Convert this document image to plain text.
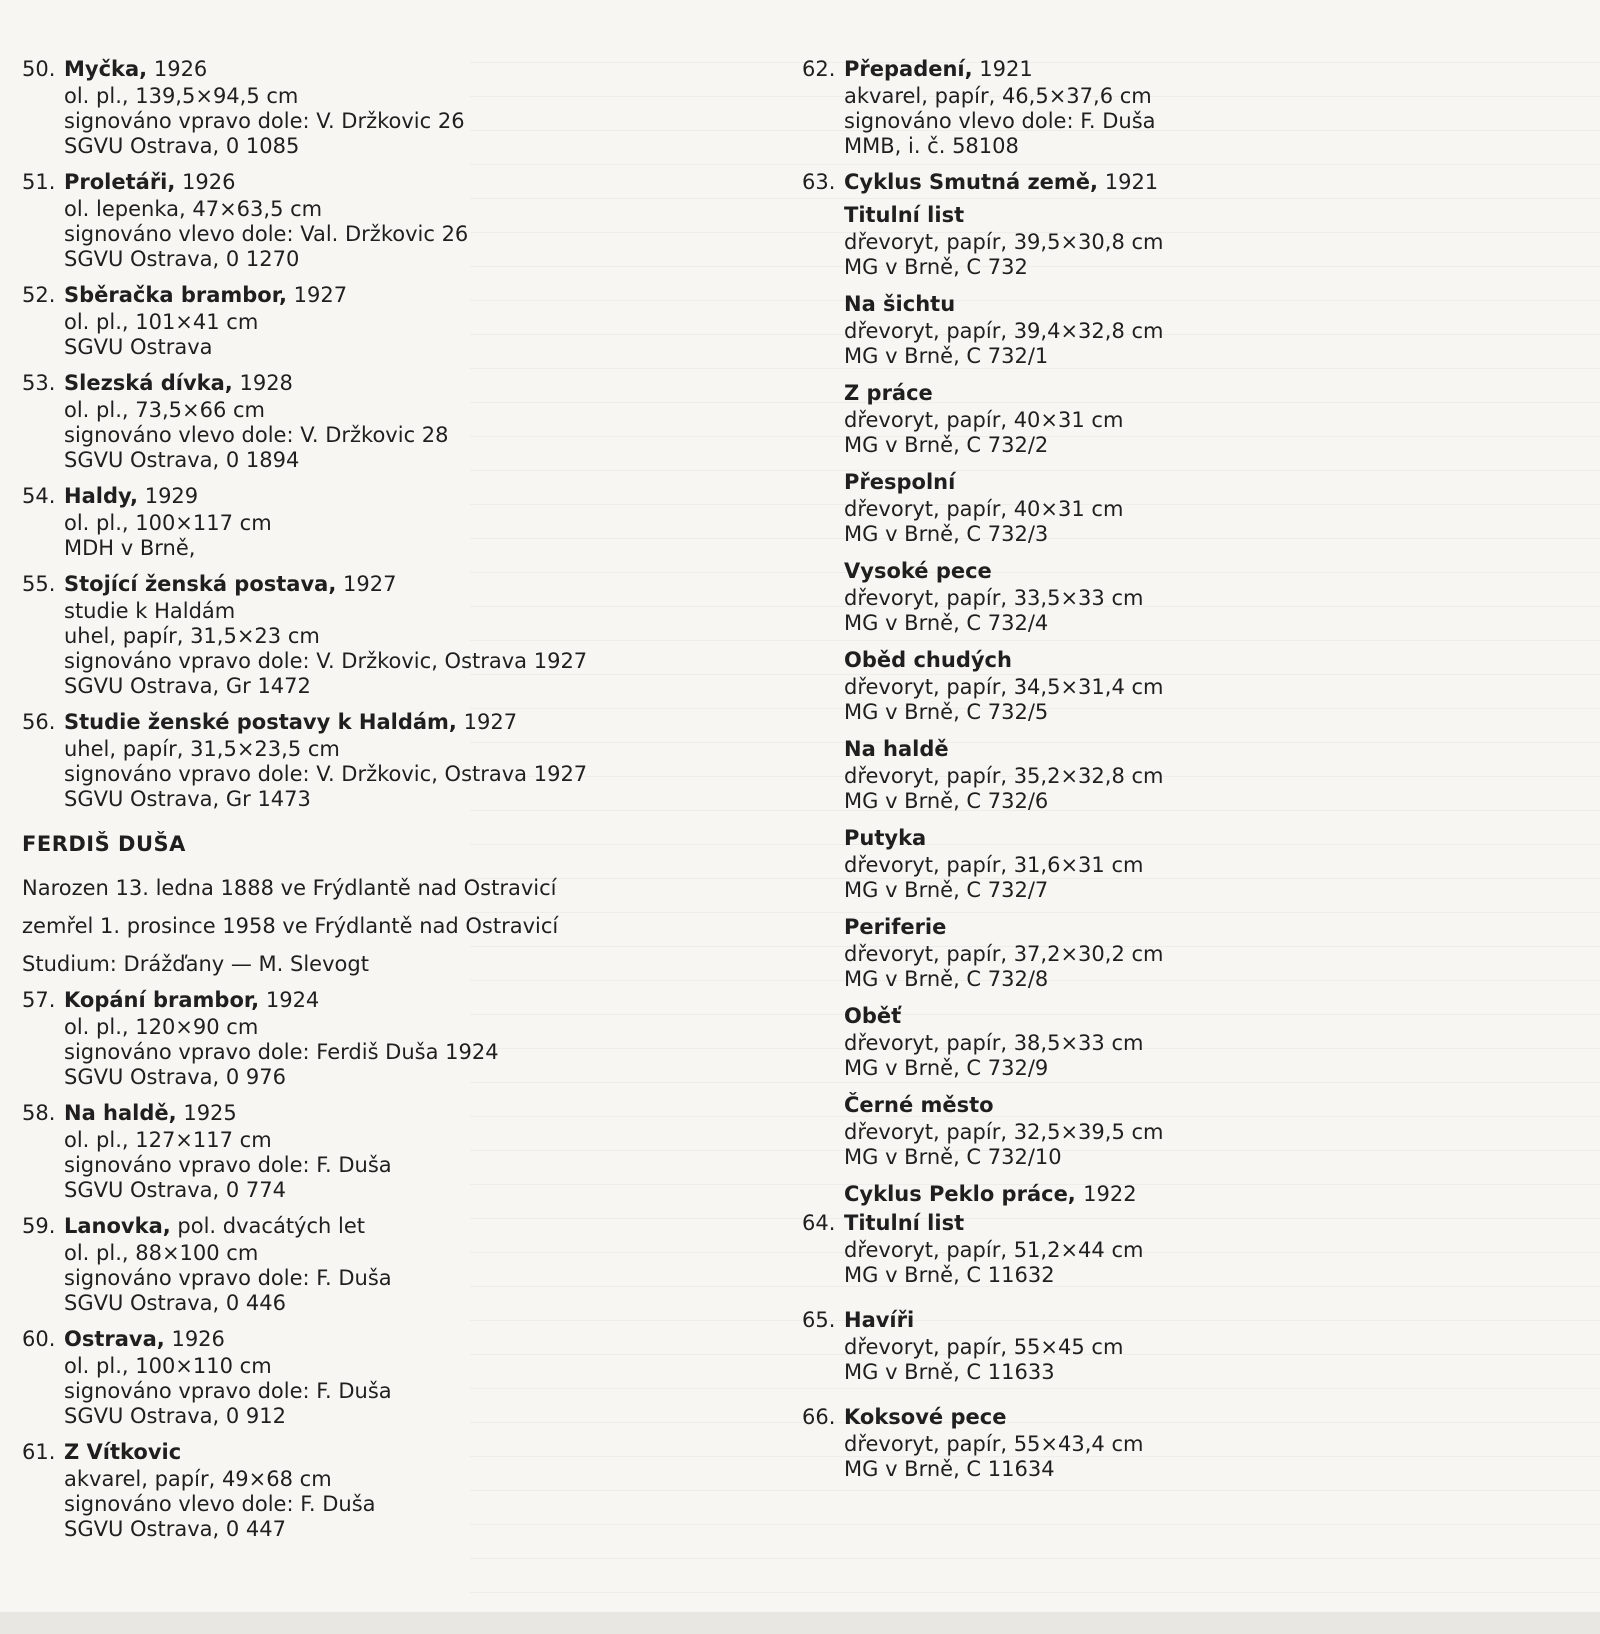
50. Myčka, 1926
ol. pl., 139,5×94,5 cm
signováno vpravo dole: V. Držkovic 26
SGVU Ostrava, 0 1085
51. Proletáři, 1926
ol. lepenka, 47×63,5 cm
signováno vlevo dole: Val. Držkovic 26
SGVU Ostrava, 0 1270
52. Sběračka brambor, 1927
ol. pl., 101×41 cm
SGVU Ostrava
53. Slezská dívka, 1928
ol. pl., 73,5×66 cm
signováno vlevo dole: V. Držkovic 28
SGVU Ostrava, 0 1894
54. Haldy, 1929
ol. pl., 100×117 cm
MDH v Brně,
55. Stojící ženská postava, 1927
studie k Haldám
uhel, papír, 31,5×23 cm
signováno vpravo dole: V. Držkovic, Ostrava 1927
SGVU Ostrava, Gr 1472
56. Studie ženské postavy k Haldám, 1927
uhel, papír, 31,5×23,5 cm
signováno vpravo dole: V. Držkovic, Ostrava 1927
SGVU Ostrava, Gr 1473
FERDIŠ DUŠA
Narozen 13. ledna 1888 ve Frýdlantě nad Ostravicí
zemřel 1. prosince 1958 ve Frýdlantě nad Ostravicí
Studium: Drážďany — M. Slevogt
57. Kopání brambor, 1924
ol. pl., 120×90 cm
signováno vpravo dole: Ferdiš Duša 1924
SGVU Ostrava, 0 976
58. Na haldě, 1925
ol. pl., 127×117 cm
signováno vpravo dole: F. Duša
SGVU Ostrava, 0 774
59. Lanovka, pol. dvacátých let
ol. pl., 88×100 cm
signováno vpravo dole: F. Duša
SGVU Ostrava, 0 446
60. Ostrava, 1926
ol. pl., 100×110 cm
signováno vpravo dole: F. Duša
SGVU Ostrava, 0 912
61. Z Vítkovic
akvarel, papír, 49×68 cm
signováno vlevo dole: F. Duša
SGVU Ostrava, 0 447
62. Přepadení, 1921
akvarel, papír, 46,5×37,6 cm
signováno vlevo dole: F. Duša
MMB, i. č. 58108
63. Cyklus Smutná země, 1921
Titulní list
dřevoryt, papír, 39,5×30,8 cm
MG v Brně, C 732
Na šichtu
dřevoryt, papír, 39,4×32,8 cm
MG v Brně, C 732/1
Z práce
dřevoryt, papír, 40×31 cm
MG v Brně, C 732/2
Přespolní
dřevoryt, papír, 40×31 cm
MG v Brně, C 732/3
Vysoké pece
dřevoryt, papír, 33,5×33 cm
MG v Brně, C 732/4
Oběd chudých
dřevoryt, papír, 34,5×31,4 cm
MG v Brně, C 732/5
Na haldě
dřevoryt, papír, 35,2×32,8 cm
MG v Brně, C 732/6
Putyka
dřevoryt, papír, 31,6×31 cm
MG v Brně, C 732/7
Periferie
dřevoryt, papír, 37,2×30,2 cm
MG v Brně, C 732/8
Oběť
dřevoryt, papír, 38,5×33 cm
MG v Brně, C 732/9
Černé město
dřevoryt, papír, 32,5×39,5 cm
MG v Brně, C 732/10
Cyklus Peklo práce, 1922
64. Titulní list
dřevoryt, papír, 51,2×44 cm
MG v Brně, C 11632
65. Havíři
dřevoryt, papír, 55×45 cm
MG v Brně, C 11633
66. Koksové pece
dřevoryt, papír, 55×43,4 cm
MG v Brně, C 11634
